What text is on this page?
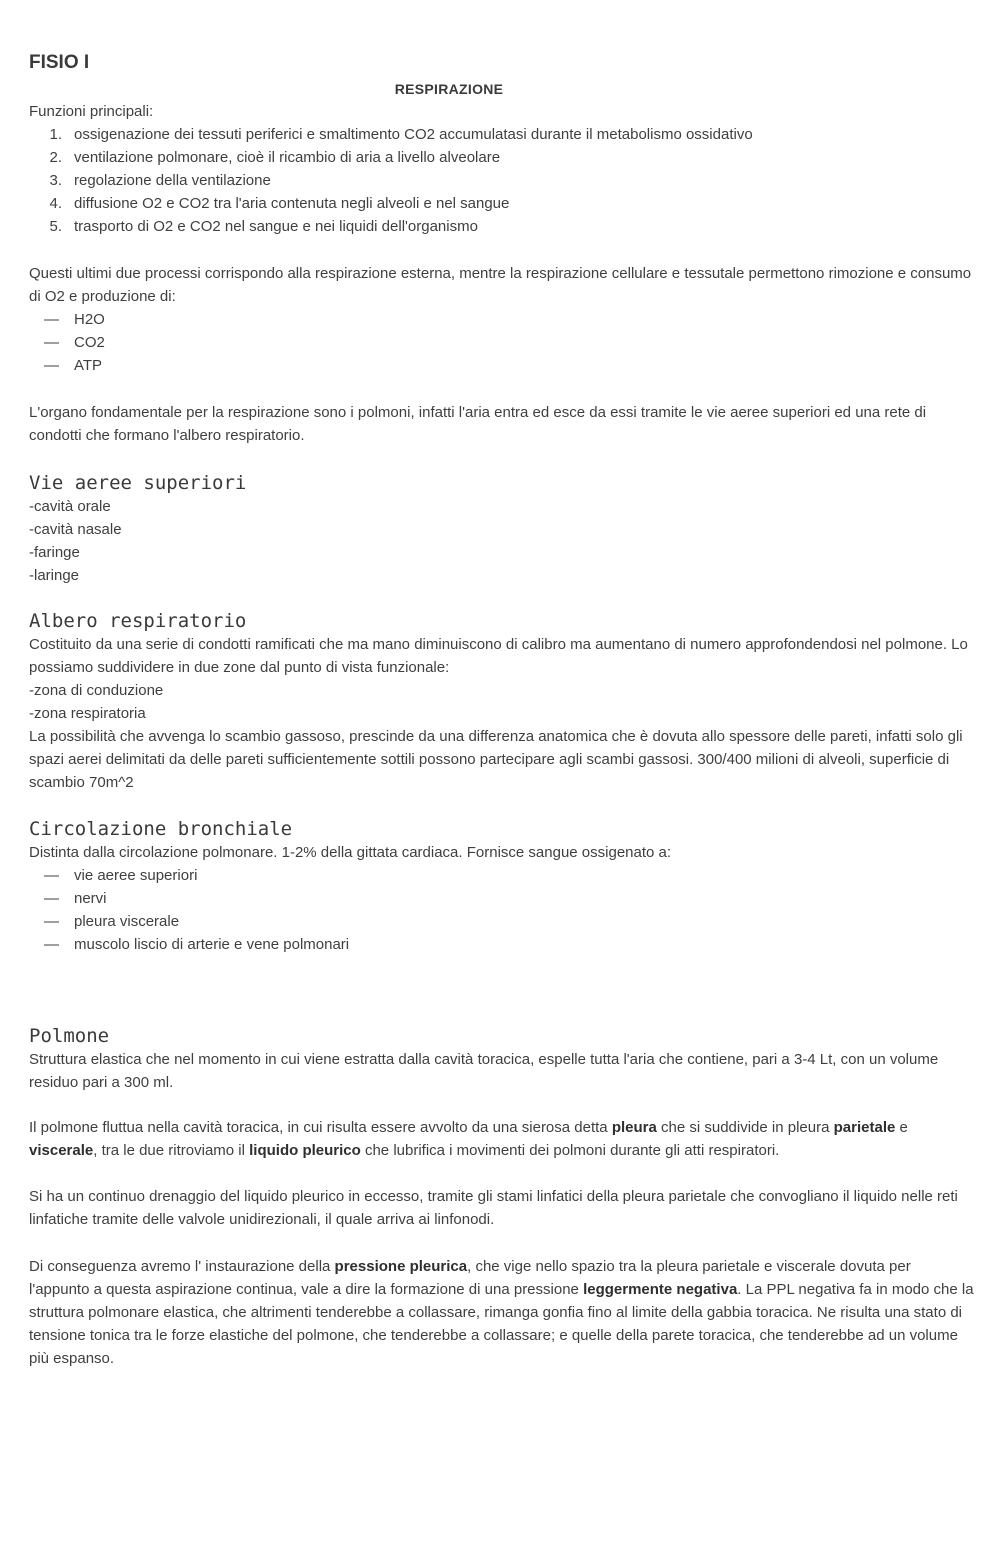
FISIO I
RESPIRAZIONE

Funzioni principali:

1. ossigenazione dei tessuti periferici e smaltimento CO2 accumulatasi durante il metabolismo ossidativo
2. ventilazione polmonare, cioè il ricambio di aria a livello alveolare
3. regolazione della ventilazione
4. diffusione O2 e CO2 tra l'aria contenuta negli alveoli e nel sangue
5. trasporto di O2 e CO2 nel sangue e nei liquidi dell'organismo

Questi ultimi due processi corrispondo alla respirazione esterna, mentre la respirazione cellulare e tessutale permettono rimozione e consumo di O2 e produzione di:

— H2O
— CO2
— ATP

L'organo fondamentale per la respirazione sono i polmoni, infatti l'aria entra ed esce da essi tramite le vie aeree superiori ed una rete di condotti che formano l'albero respiratorio.

Vie aeree superiori

-cavità orale

-cavità nasale

-faringe

-laringe

Albero respiratorio

Costituito da una serie di condotti ramificati che ma mano diminuiscono di calibro ma aumentano di numero approfondendosi nel polmone. Lo possiamo suddividere in due zone dal punto di vista funzionale:

-zona di conduzione

-zona respiratoria

La possibilità che avvenga lo scambio gassoso, prescinde da una differenza anatomica che è dovuta allo spessore delle pareti, infatti solo gli spazi aerei delimitati da delle pareti sufficientemente sottili possono partecipare agli scambi gassosi. 300/400 milioni di alveoli, superficie di scambio 70m^2

Circolazione bronchiale

Distinta dalla circolazione polmonare. 1-2% della gittata cardiaca. Fornisce sangue ossigenato a:

— vie aeree superiori
— nervi
— pleura viscerale
— muscolo liscio di arterie e vene polmonari
Polmone

Struttura elastica che nel momento in cui viene estratta dalla cavità toracica, espelle tutta l'aria che contiene, pari a 3-4 Lt, con un volume residuo pari a 300 ml.

Il polmone fluttua nella cavità toracica, in cui risulta essere avvolto da una sierosa detta pleura che si suddivide in pleura parietale e viscerale, tra le due ritroviamo il liquido pleurico che lubrifica i movimenti dei polmoni durante gli atti respiratori.

Si ha un continuo drenaggio del liquido pleurico in eccesso, tramite gli stami linfatici della pleura parietale che convogliano il liquido nelle reti linfatiche tramite delle valvole unidirezionali, il quale arriva ai linfonodi.

Di conseguenza avremo l' instaurazione della pressione pleurica, che vige nello spazio tra la pleura parietale e viscerale dovuta per l'appunto a questa aspirazione continua, vale a dire la formazione di una pressione leggermente negativa. La PPL negativa fa in modo che la struttura polmonare elastica, che altrimenti tenderebbe a collassare, rimanga gonfia fino al limite della gabbia toracica. Ne risulta una stato di tensione tonica tra le forze elastiche del polmone, che tenderebbe a collassare; e quelle della parete toracica, che tenderebbe ad un volume più espanso.
